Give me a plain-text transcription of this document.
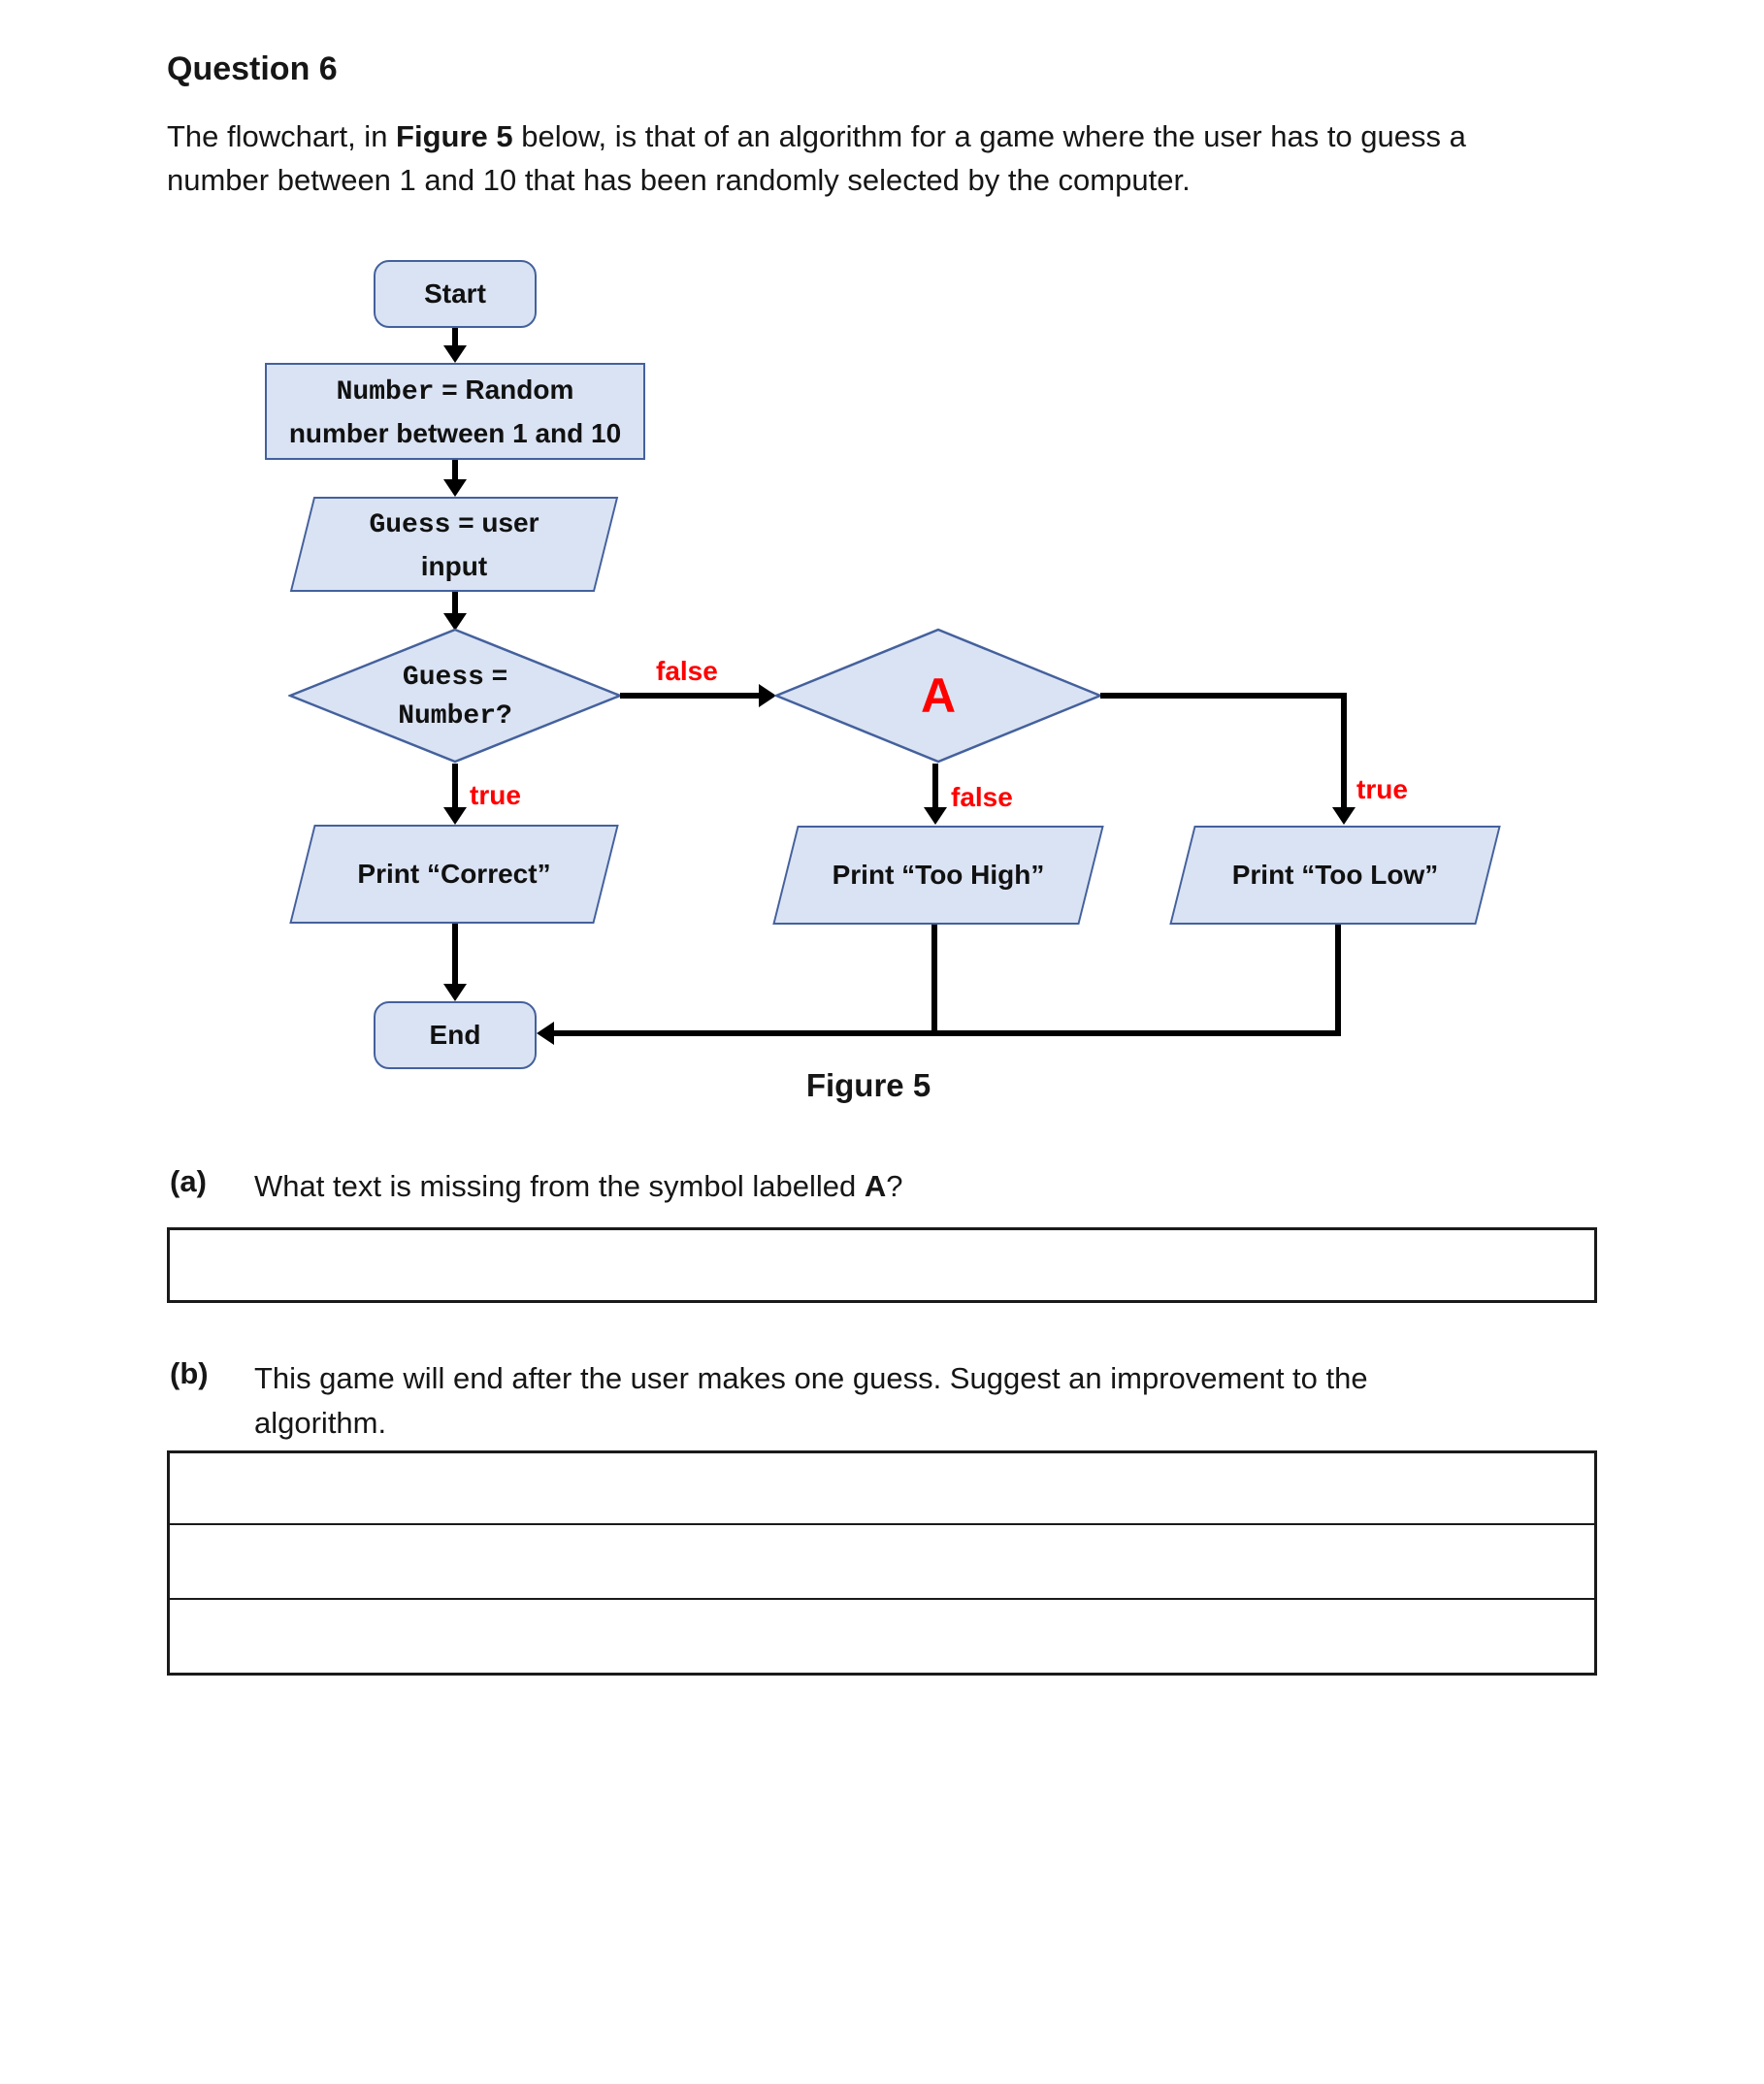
Question 6

The flowchart, in Figure 5 below, is that of an algorithm for a game where the user has to guess a
number between 1 and 10 that has been randomly selected by the computer.

Start
Number = Random
number between 1 and 10
Guess = user
input
Guess =
Number?
false	A
true	false	true
Print “Correct”	Print “Too High”	Print “Too Low”
End
Figure 5
(a) What text is missing from the symbol labelled A?
(b) This game will end after the user makes one guess. Suggest an improvement to the
algorithm.
